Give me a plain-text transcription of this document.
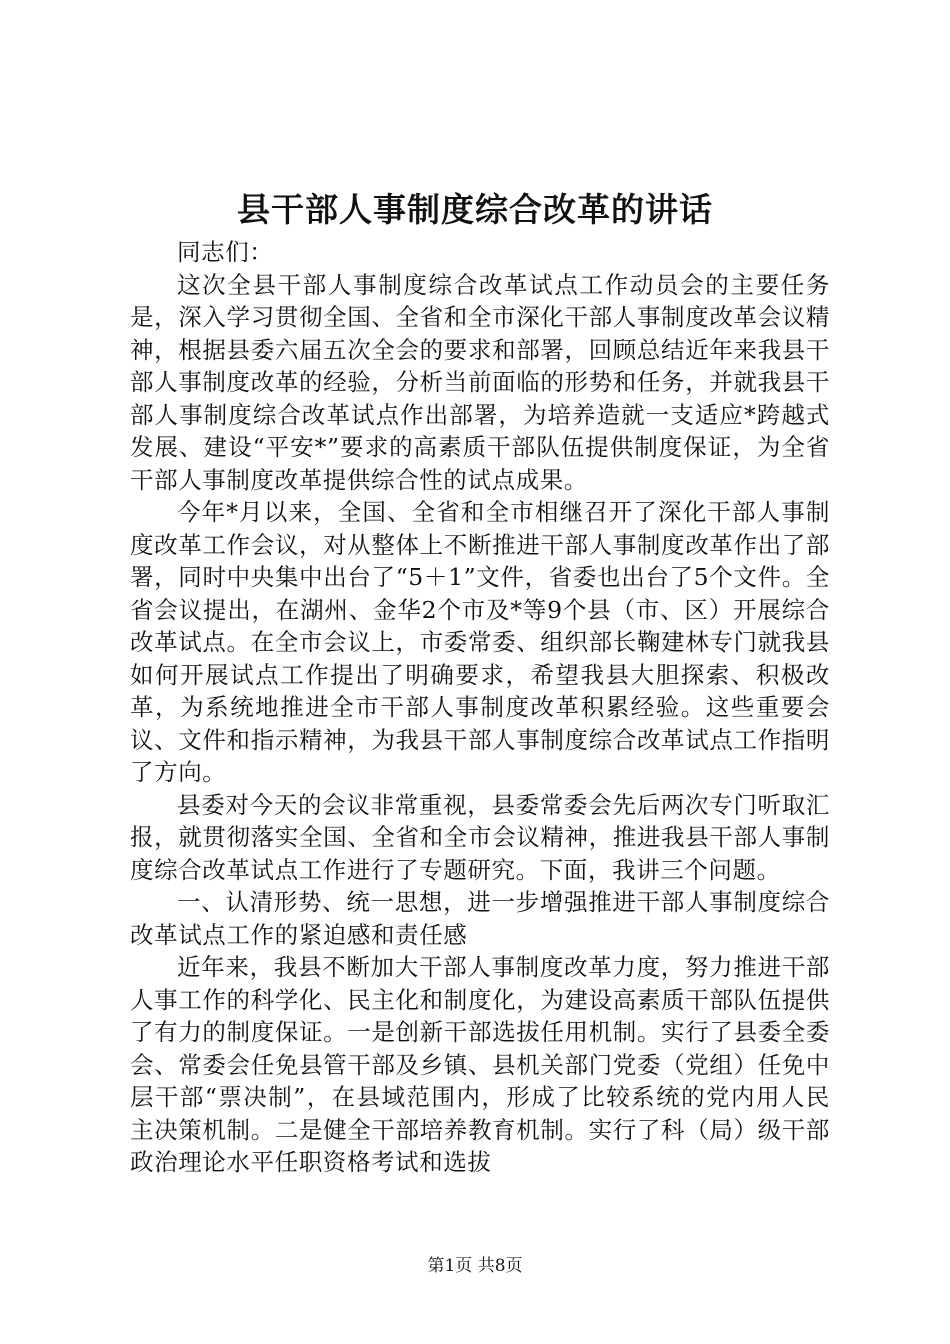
县干部人事制度综合改革的讲话

同志们：

这次全县干部人事制度综合改革试点工作动员会的主要任务是，深入学习贯彻全国、全省和全市深化干部人事制度改革会议精神，根据县委六届五次全会的要求和部署，回顾总结近年来我县干部人事制度改革的经验，分析当前面临的形势和任务，并就我县干部人事制度综合改革试点作出部署，为培养造就一支适应*跨越式发展、建设“平安*”要求的高素质干部队伍提供制度保证，为全省干部人事制度改革提供综合性的试点成果。

今年*月以来，全国、全省和全市相继召开了深化干部人事制度改革工作会议，对从整体上不断推进干部人事制度改革作出了部署，同时中央集中出台了“5＋1”文件，省委也出台了5个文件。全省会议提出，在湖州、金华2个市及*等9个县（市、区）开展综合改革试点。在全市会议上，市委常委、组织部长鞠建林专门就我县如何开展试点工作提出了明确要求，希望我县大胆探索、积极改革，为系统地推进全市干部人事制度改革积累经验。这些重要会议、文件和指示精神，为我县干部人事制度综合改革试点工作指明了方向。

县委对今天的会议非常重视，县委常委会先后两次专门听取汇报，就贯彻落实全国、全省和全市会议精神，推进我县干部人事制度综合改革试点工作进行了专题研究。下面，我讲三个问题。

一、认清形势、统一思想，进一步增强推进干部人事制度综合改革试点工作的紧迫感和责任感

近年来，我县不断加大干部人事制度改革力度，努力推进干部人事工作的科学化、民主化和制度化，为建设高素质干部队伍提供了有力的制度保证。一是创新干部选拔任用机制。实行了县委全委会、常委会任免县管干部及乡镇、县机关部门党委（党组）任免中层干部“票决制”，在县域范围内，形成了比较系统的党内用人民主决策机制。二是健全干部培养教育机制。实行了科（局）级干部政治理论水平任职资格考试和选拔

第1页 共8页
